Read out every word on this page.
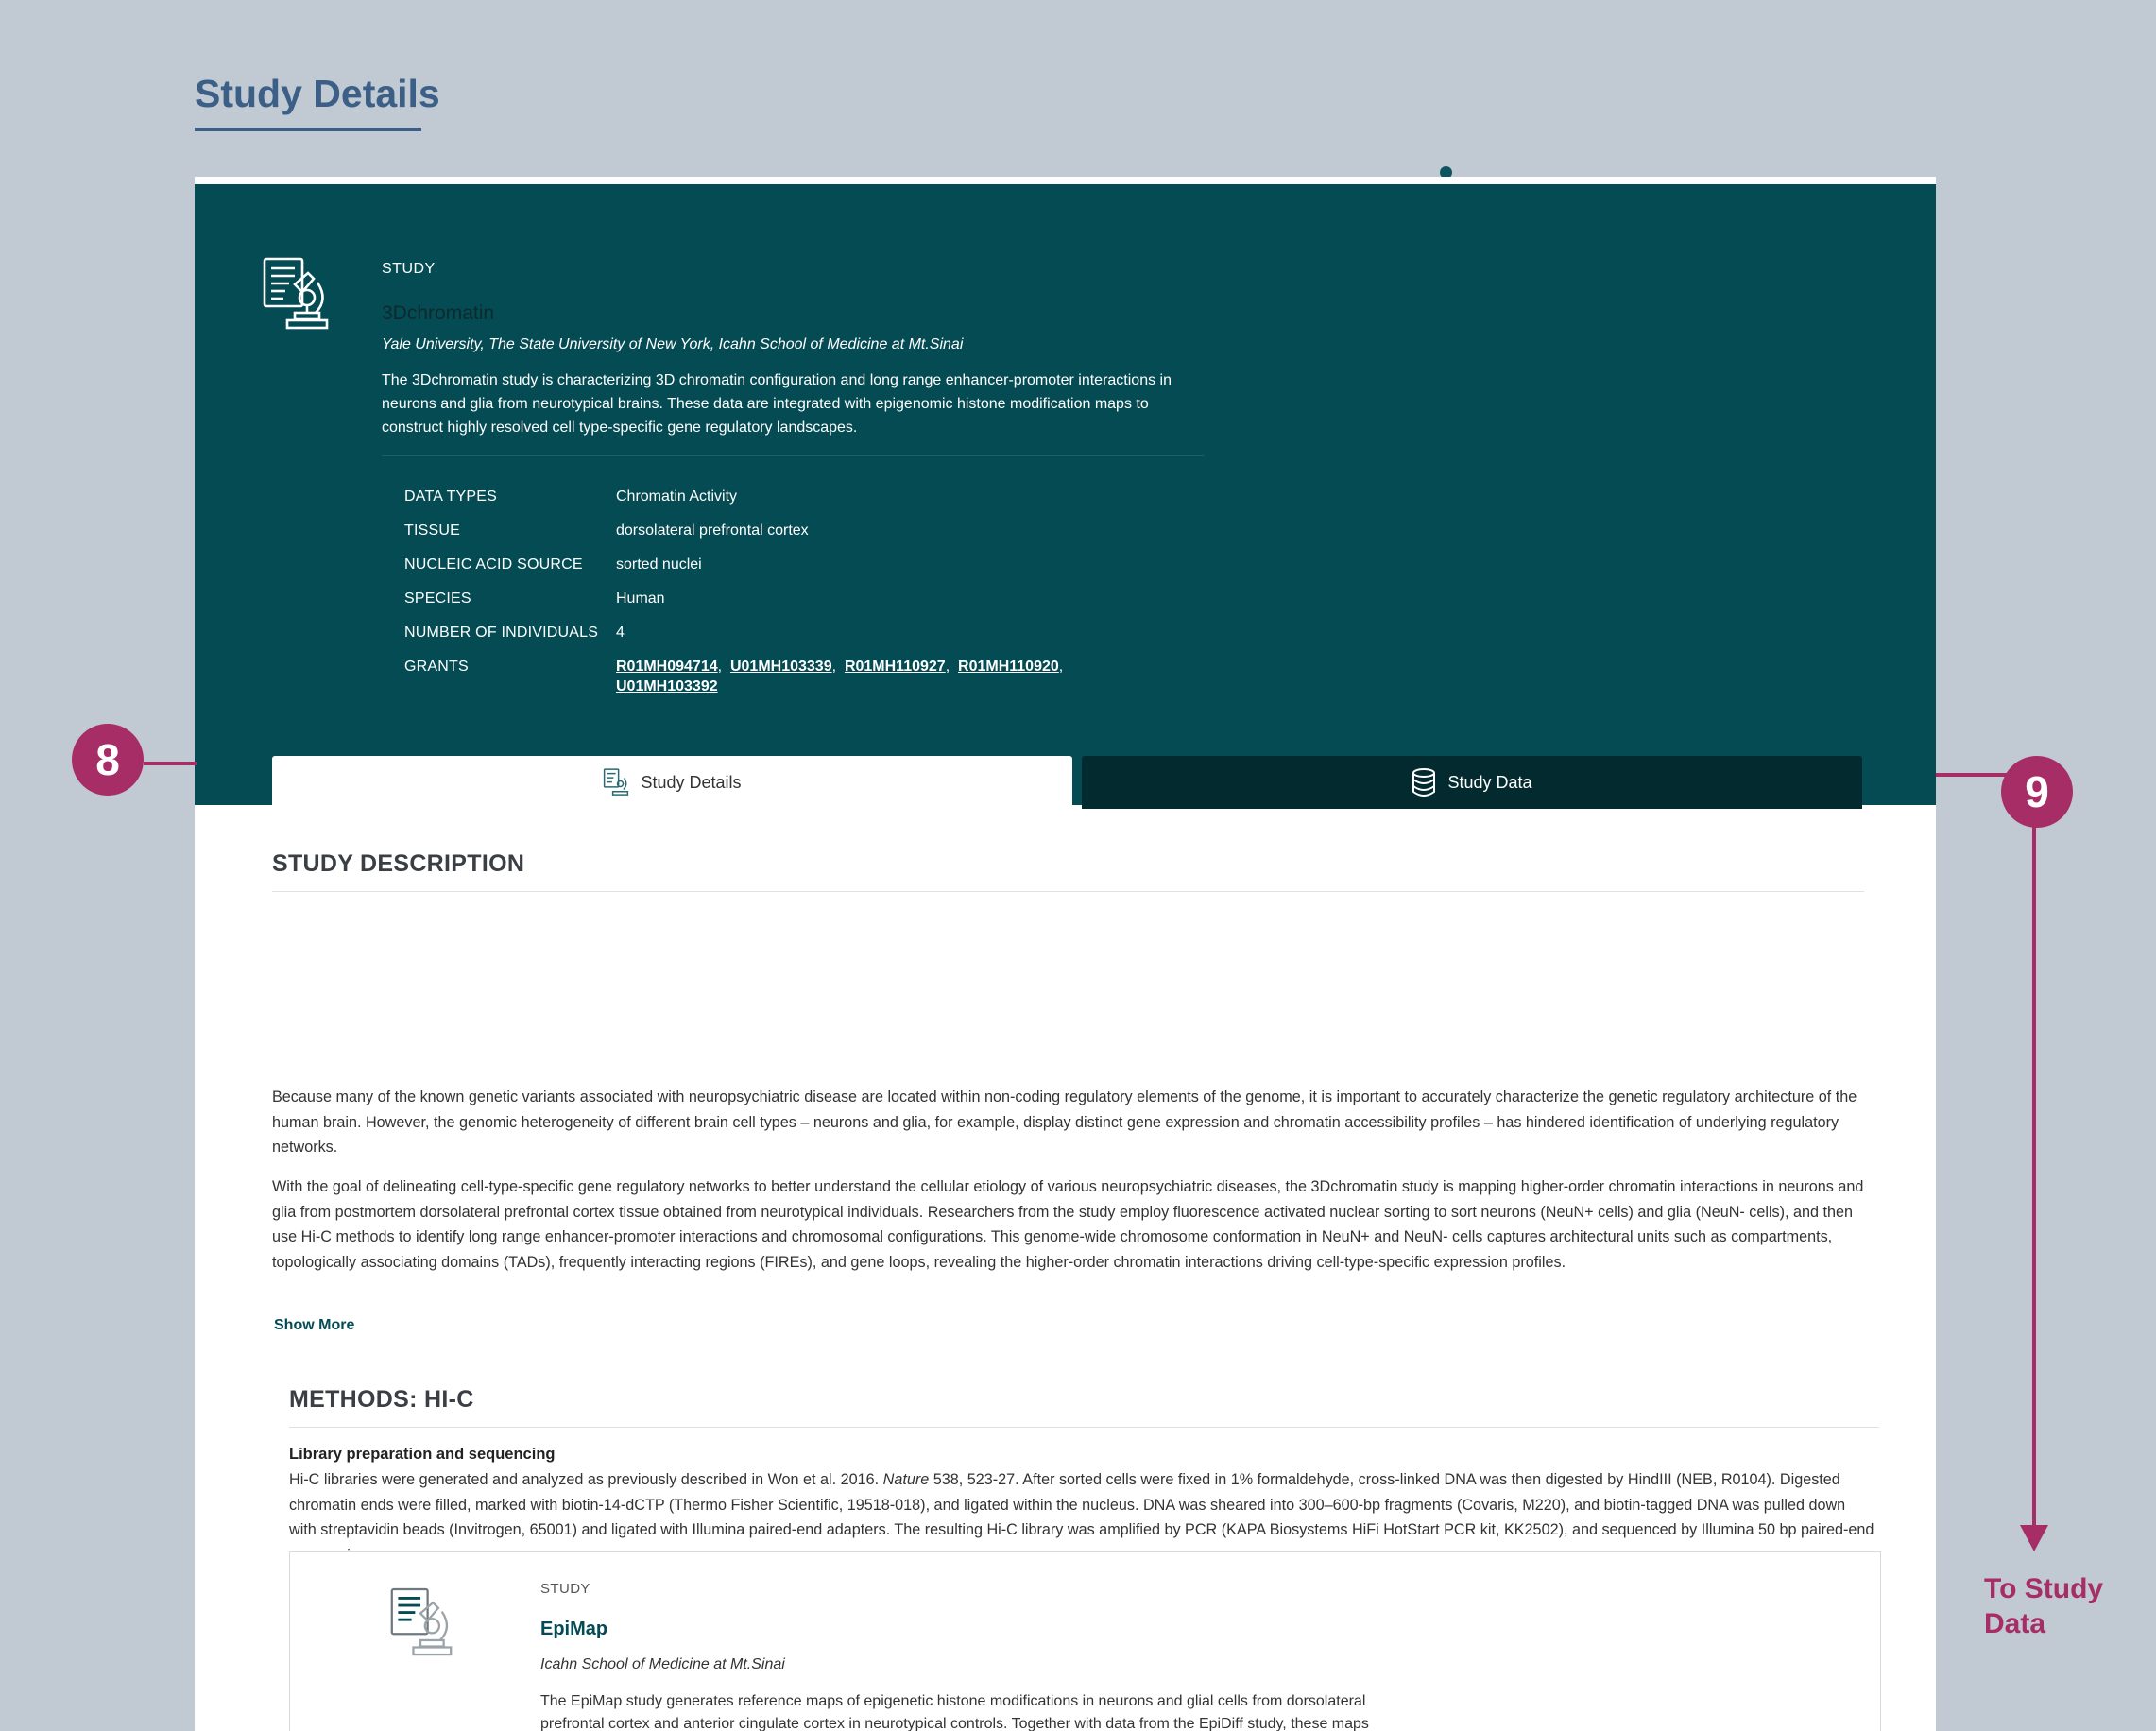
Study Details
STUDY
3Dchromatin
Yale University, The State University of New York, Icahn School of Medicine at Mt.Sinai
The 3Dchromatin study is characterizing 3D chromatin configuration and long range enhancer-promoter interactions in neurons and glia from neurotypical brains. These data are integrated with epigenomic histone modification maps to construct highly resolved cell type-specific gene regulatory landscapes.
DATA TYPES	Chromatin Activity
TISSUE	dorsolateral prefrontal cortex
NUCLEIC ACID SOURCE	sorted nuclei
SPECIES	Human
NUMBER OF INDIVIDUALS	4
GRANTS	R01MH094714,  U01MH103339,  R01MH110927,  R01MH110920,
U01MH103392
Study Details	Study Data
STUDY DESCRIPTION

Because many of the known genetic variants associated with neuropsychiatric disease are located within non-coding regulatory elements of the genome, it is important to accurately characterize the genetic regulatory architecture of the human brain. However, the genomic heterogeneity of different brain cell types – neurons and glia, for example, display distinct gene expression and chromatin accessibility profiles – has hindered identification of underlying regulatory networks.

With the goal of delineating cell-type-specific gene regulatory networks to better understand the cellular etiology of various neuropsychiatric diseases, the 3Dchromatin study is mapping higher-order chromatin interactions in neurons and glia from postmortem dorsolateral prefrontal cortex tissue obtained from neurotypical individuals. Researchers from the study employ fluorescence activated nuclear sorting to sort neurons (NeuN+ cells) and glia (NeuN- cells), and then use Hi-C methods to identify long range enhancer-promoter interactions and chromosomal configurations. This genome-wide chromosome conformation in NeuN+ and NeuN- cells captures architectural units such as compartments, topologically associating domains (TADs), frequently interacting regions (FIREs), and gene loops, revealing the higher-order chromatin interactions driving cell-type-specific expression profiles.

Show More
METHODS: HI-C
Library preparation and sequencing

Hi-C libraries were generated and analyzed as previously described in Won et al. 2016. Nature 538, 523-27. After sorted cells were fixed in 1% formaldehyde, cross-linked DNA was then digested by HindIII (NEB, R0104). Digested chromatin ends were filled, marked with biotin-14-dCTP (Thermo Fisher Scientific, 19518-018), and ligated within the nucleus. DNA was sheared into 300–600-bp fragments (Covaris, M220), and biotin-tagged DNA was pulled down with streptavidin beads (Invitrogen, 65001) and ligated with Illumina paired-end adapters. The resulting Hi-C library was amplified by PCR (KAPA Biosystems HiFi HotStart PCR kit, KK2502), and sequenced by Illumina 50 bp paired-end

STUDY
EpiMap
Icahn School of Medicine at Mt.Sinai
The EpiMap study generates reference maps of epigenetic histone modifications in neurons and glial cells from dorsolateral prefrontal cortex and anterior cingulate cortex in neurotypical controls. Together with data from the EpiDiff study, these maps
8
9
To Study Data
